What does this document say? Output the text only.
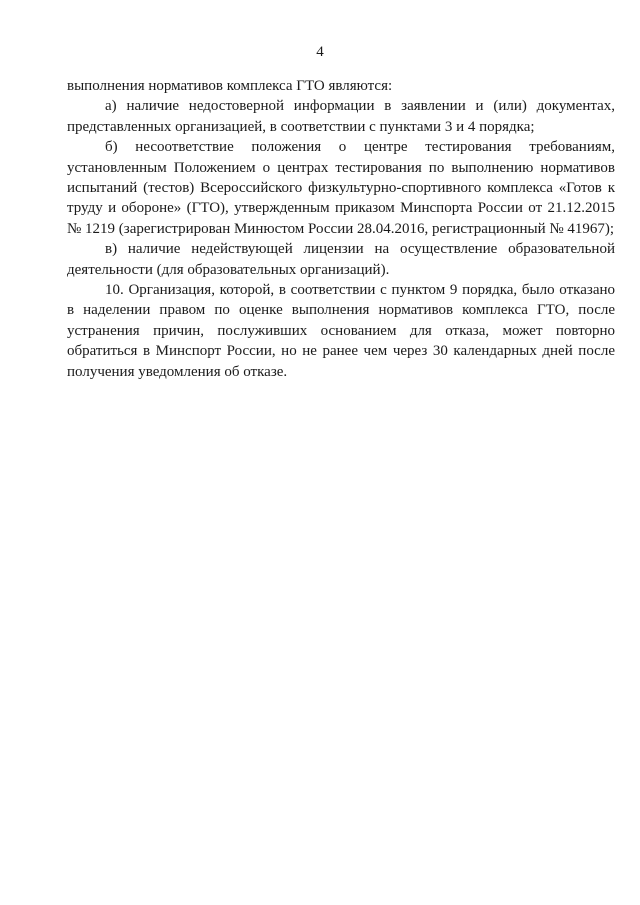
4

выполнения нормативов комплекса ГТО являются:

а) наличие недостоверной информации в заявлении и (или) документах, представленных организацией, в соответствии с пунктами 3 и 4 порядка;

б) несоответствие положения о центре тестирования требованиям, установленным Положением о центрах тестирования по выполнению нормативов испытаний (тестов) Всероссийского физкультурно-спортивного комплекса «Готов к труду и обороне» (ГТО), утвержденным приказом Минспорта России от 21.12.2015 № 1219 (зарегистрирован Минюстом России 28.04.2016, регистрационный № 41967);

в) наличие недействующей лицензии на осуществление образовательной деятельности (для образовательных организаций).

10. Организация, которой, в соответствии с пунктом 9 порядка, было отказано в наделении правом по оценке выполнения нормативов комплекса ГТО, после устранения причин, послуживших основанием для отказа, может повторно обратиться в Минспорт России, но не ранее чем через 30 календарных дней после получения уведомления об отказе.
